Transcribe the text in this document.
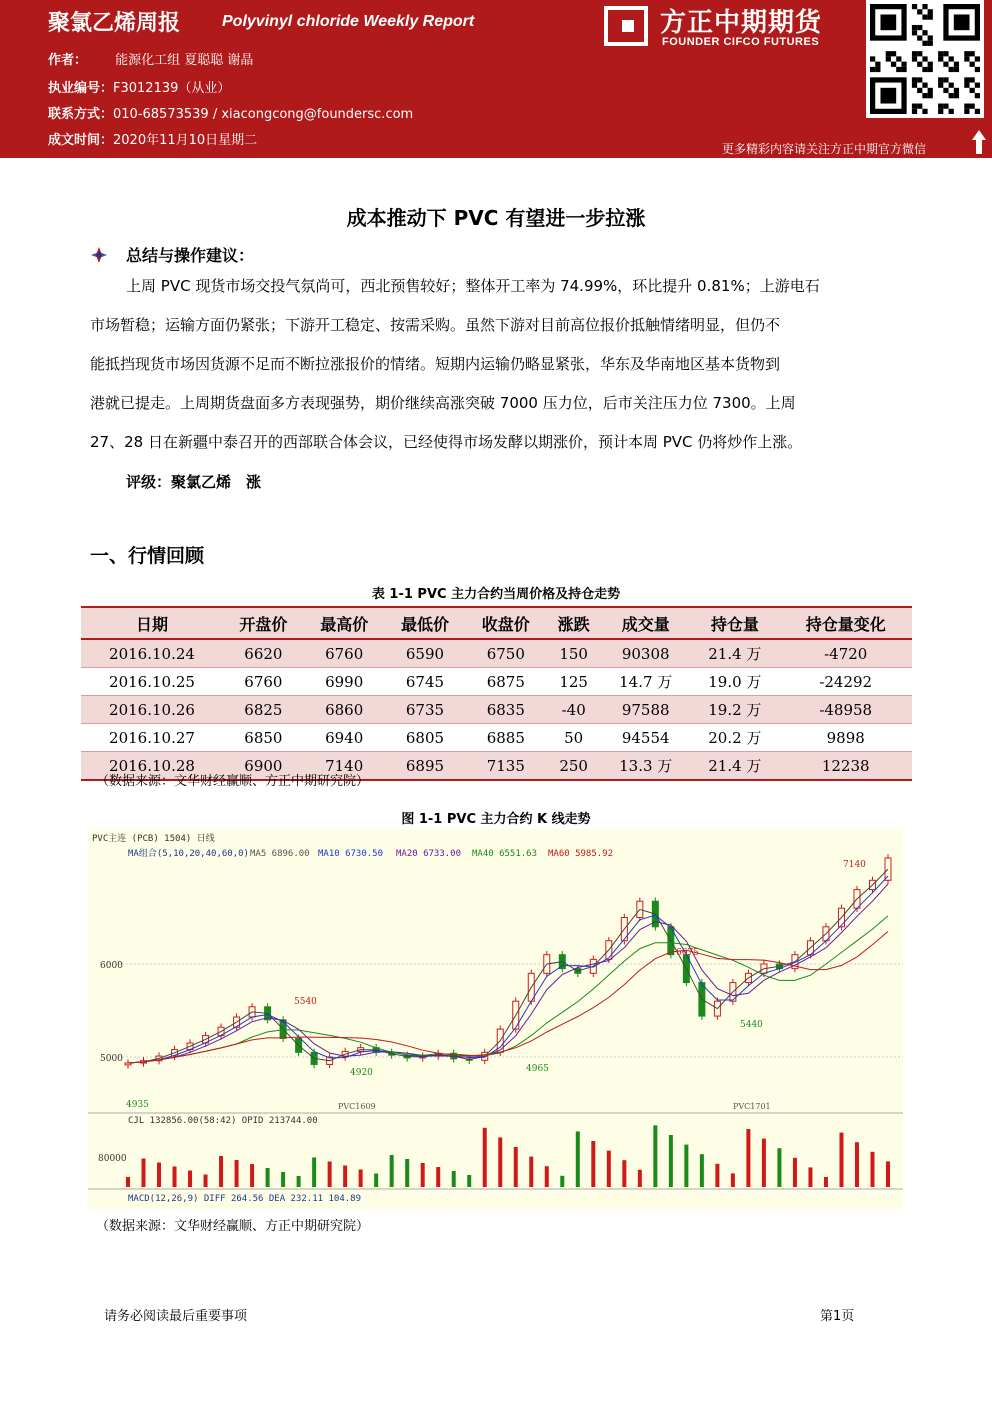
聚氯乙烯周报	Polyvinyl chloride Weekly Report
作者： 能源化工组 夏聪聪 谢晶
执业编号：F3012139（从业）
联系方式：010-68573539 / xiacongcong@foundersc.com
成文时间：2020年11月10日星期二
方正中期期货
FOUNDER CIFCO FUTURES
更多精彩内容请关注方正中期官方微信
成本推动下 PVC 有望进一步拉涨
总结与操作建议：
上周 PVC 现货市场交投气氛尚可，西北预售较好；整体开工率为 74.99%，环比提升 0.81%；上游电石
市场暂稳；运输方面仍紧张；下游开工稳定、按需采购。虽然下游对目前高位报价抵触情绪明显，但仍不
能抵挡现货市场因货源不足而不断拉涨报价的情绪。短期内运输仍略显紧张，华东及华南地区基本货物到
港就已提走。上周期货盘面多方表现强势，期价继续高涨突破 7000 压力位，后市关注压力位 7300。上周
27、28 日在新疆中泰召开的西部联合体会议，已经使得市场发酵以期涨价，预计本周 PVC 仍将炒作上涨。
评级：聚氯乙烯　涨
一、行情回顾
表 1-1 PVC 主力合约当周价格及持仓走势
日期	开盘价	最高价	最低价	收盘价	涨跌	成交量	持仓量	持仓量变化
2016.10.24	6620	6760	6590	6750	150	90308	21.4 万	-4720
2016.10.25	6760	6990	6745	6875	125	14.7 万	19.0 万	-24292
2016.10.26	6825	6860	6735	6835	-40	97588	19.2 万	-48958
2016.10.27	6850	6940	6805	6885	50	94554	20.2 万	9898
2016.10.28	6900	7140	6895	7135	250	13.3 万	21.4 万	12238
（数据来源：文华财经赢顺、方正中期研究院）
图 1-1 PVC 主力合约 K 线走势
PVC主连 (PCB) 1504) 日线
MA组合(5,10,20,40,60,0) MA5 6896.00 MA10 6730.50 MA20 6733.00 MA40 6551.63 MA60 5985.92
6000
5000
5540
4920	4965
6675
5440
7140
4935	PVC1609	PVC1701
CJL 132856.00(58:42) OPID 213744.00
80000
MACD(12,26,9) DIFF 264.56 DEA 232.11 104.89
（数据来源：文华财经赢顺、方正中期研究院）
请务必阅读最后重要事项	第1页
